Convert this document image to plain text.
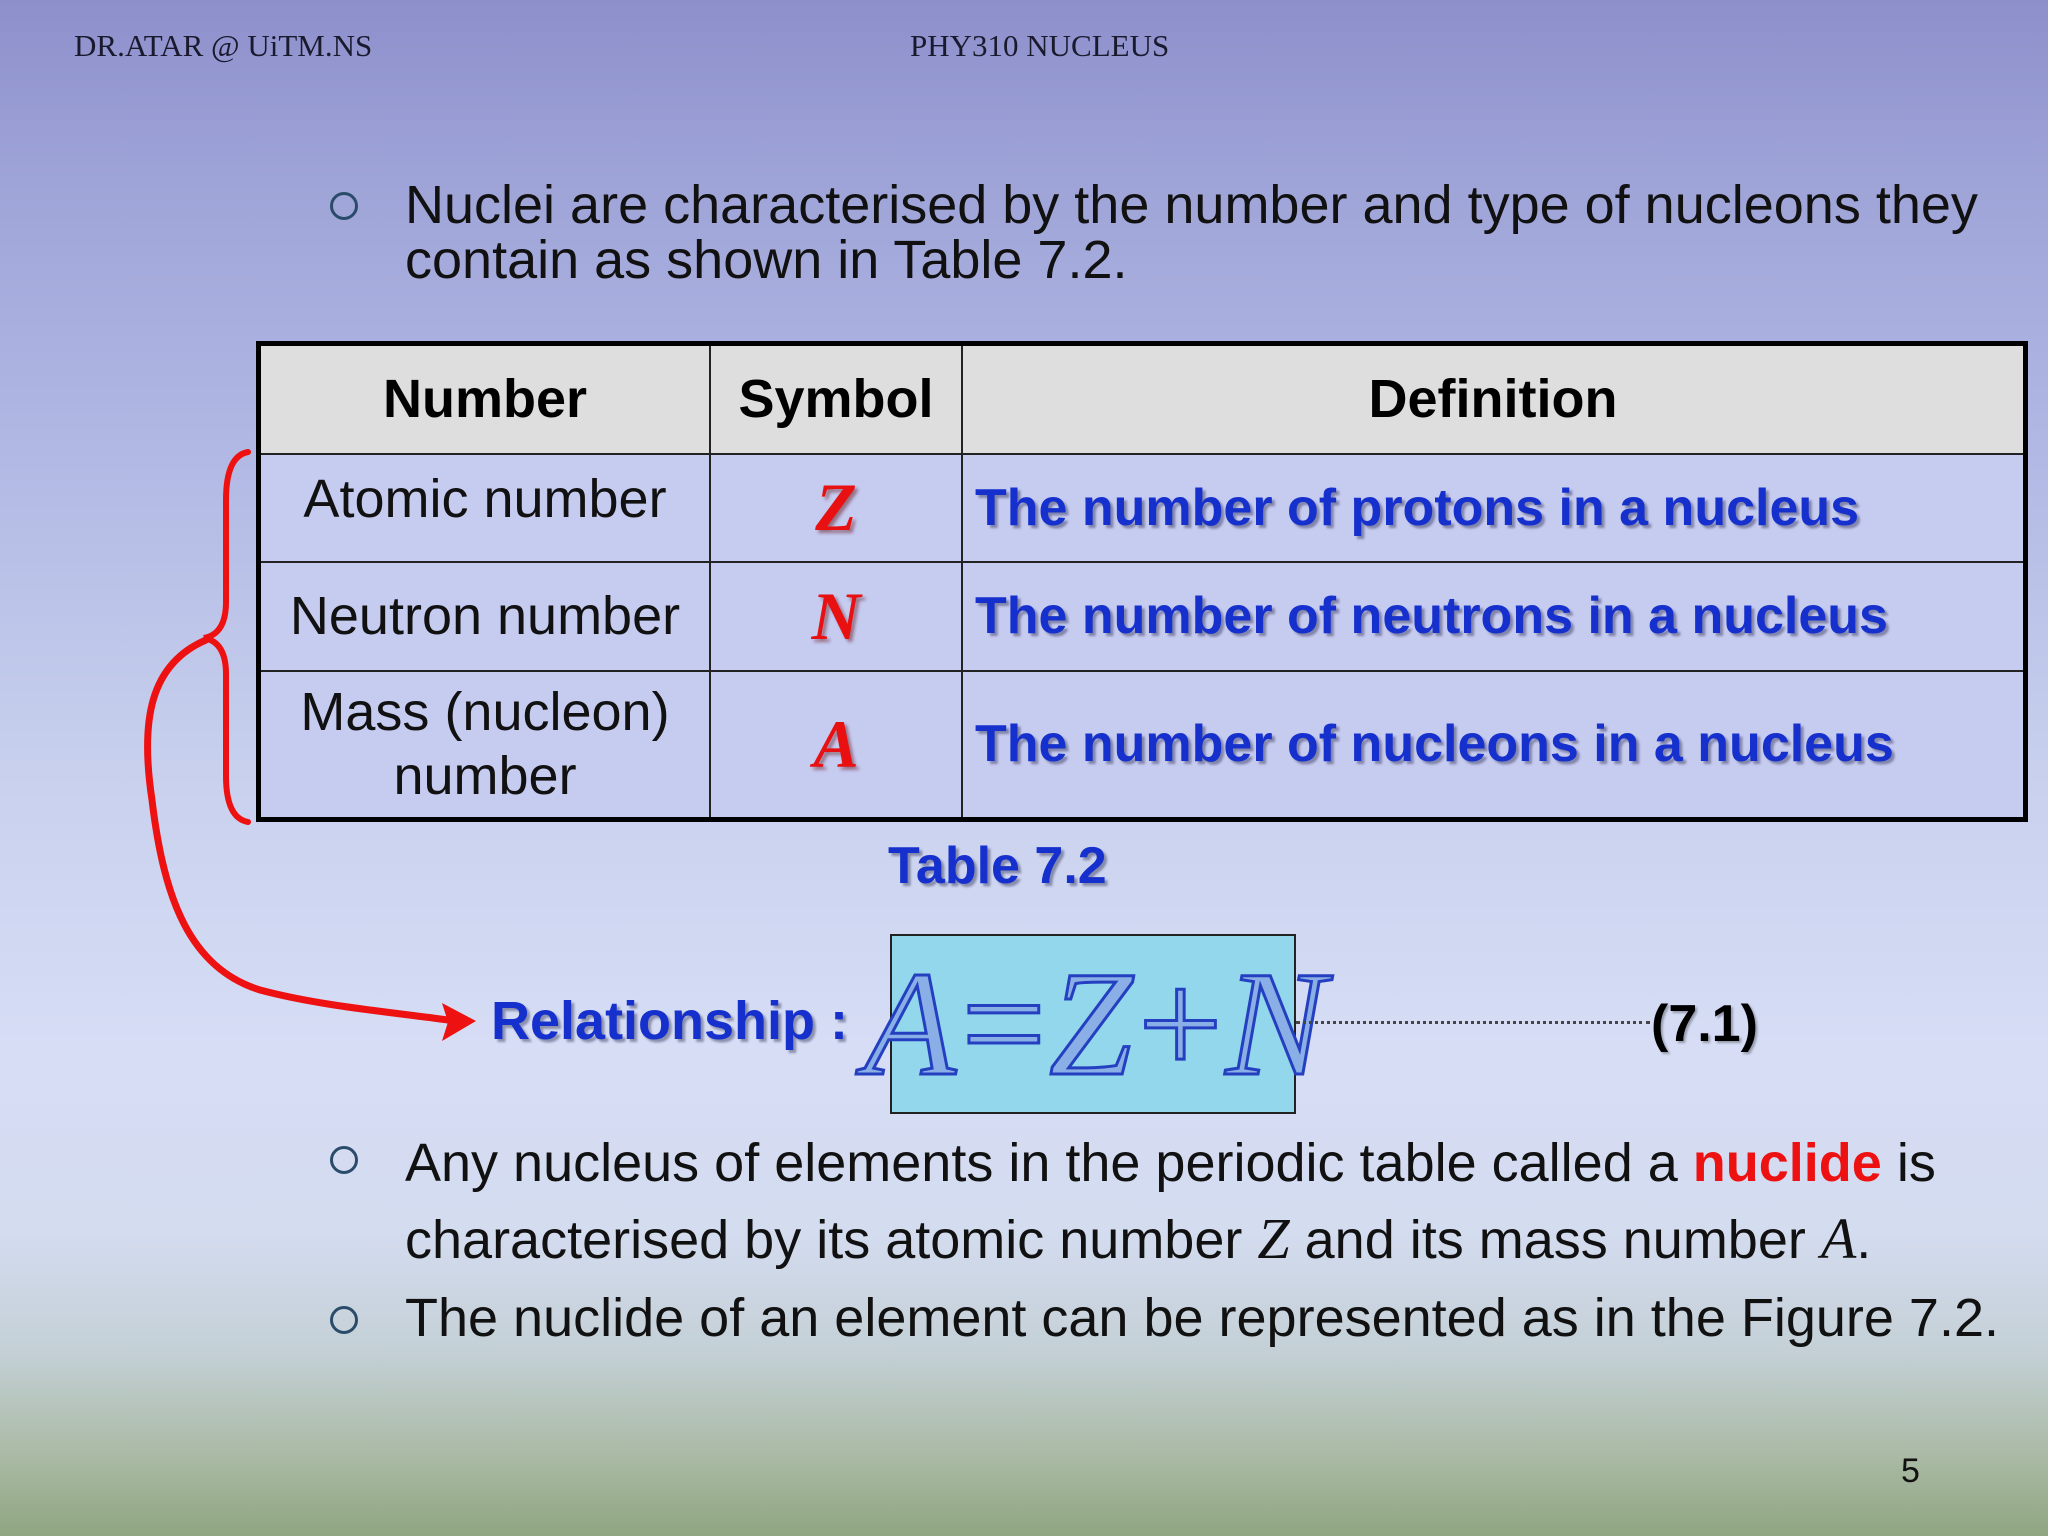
DR.ATAR @ UiTM.NS	PHY310 NUCLEUS
Nuclei are characterised by the number and type of nucleons they contain as shown in Table 7.2.
Number	Symbol	Definition
Atomic number	Z	The number of protons in a nucleus
Neutron number	N	The number of neutrons in a nucleus
Mass (nucleon) number	A	The number of nucleons in a nucleus
Table 7.2
Relationship : A=Z+N	(7.1)
Any nucleus of elements in the periodic table called a nuclide is characterised by its atomic number Z and its mass number A.
The nuclide of an element can be represented as in the Figure 7.2.
5
